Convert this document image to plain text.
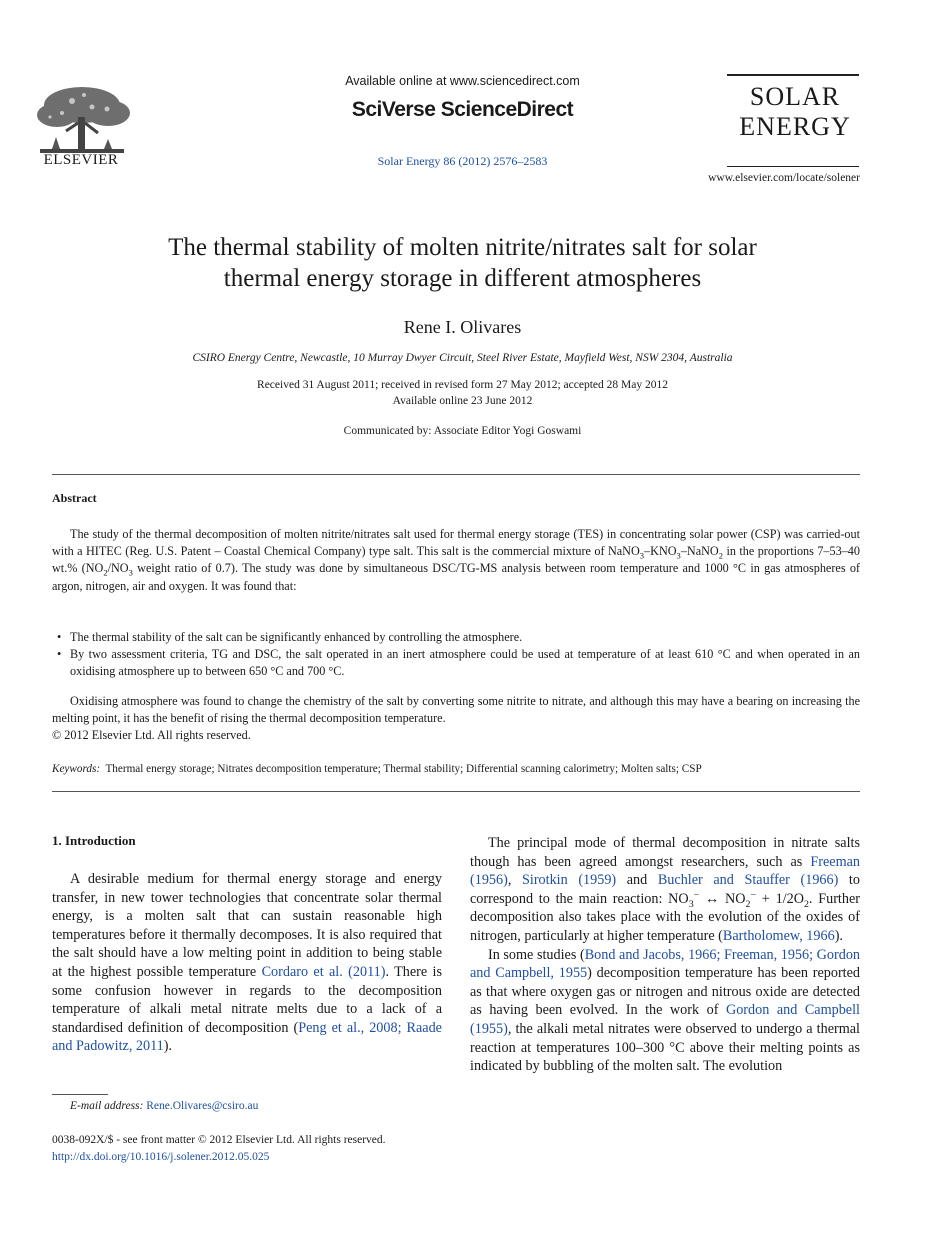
ELSEVIER
Available online at www.sciencedirect.com
SciVerse ScienceDirect
Solar Energy 86 (2012) 2576–2583
SOLAR
ENERGY
www.elsevier.com/locate/solener
The thermal stability of molten nitrite/nitrates salt for solar
thermal energy storage in different atmospheres
Rene I. Olivares
CSIRO Energy Centre, Newcastle, 10 Murray Dwyer Circuit, Steel River Estate, Mayfield West, NSW 2304, Australia
Received 31 August 2011; received in revised form 27 May 2012; accepted 28 May 2012
Available online 23 June 2012
Communicated by: Associate Editor Yogi Goswami
Abstract
The study of the thermal decomposition of molten nitrite/nitrates salt used for thermal energy storage (TES) in concentrating solar power (CSP) was carried-out with a HITEC (Reg. U.S. Patent – Coastal Chemical Company) type salt. This salt is the commercial mixture of $NaNO_3-KNO_3-NaNO_2$ in the proportions 7–53–40 wt.% ($NO_2/NO_3$ weight ratio of 0.7). The study was done by simultaneous DSC/TG-MS analysis between room temperature and 1000 °C in gas atmospheres of argon, nitrogen, air and oxygen. It was found that:
• The thermal stability of the salt can be significantly enhanced by controlling the atmosphere.
• By two assessment criteria, TG and DSC, the salt operated in an inert atmosphere could be used at temperature of at least 610 °C and when operated in an oxidising atmosphere up to between 650 °C and 700 °C.
Oxidising atmosphere was found to change the chemistry of the salt by converting some nitrite to nitrate, and although this may have a bearing on increasing the melting point, it has the benefit of rising the thermal decomposition temperature.
© 2012 Elsevier Ltd. All rights reserved.
Keywords: Thermal energy storage; Nitrates decomposition temperature; Thermal stability; Differential scanning calorimetry; Molten salts; CSP
1. Introduction
A desirable medium for thermal energy storage and energy transfer, in new tower technologies that concentrate solar thermal energy, is a molten salt that can sustain reasonable high temperatures before it thermally decomposes. It is also required that the salt should have a low melting point in addition to being stable at the highest possible temperature Cordaro et al. (2011). There is some confusion however in regards to the decomposition temperature of alkali metal nitrate melts due to a lack of a standardised definition of decomposition (Peng et al., 2008; Raade and Padowitz, 2011).
The principal mode of thermal decomposition in nitrate salts though has been agreed amongst researchers, such as Freeman (1956), Sirotkin (1959) and Buchler and Stauffer (1966) to correspond to the main reaction: $NO_3^-$ ↔ $NO_2^- + 1/2O_2$. Further decomposition also takes place with the evolution of the oxides of nitrogen, particularly at higher temperature (Bartholomew, 1966).
In some studies (Bond and Jacobs, 1966; Freeman, 1956; Gordon and Campbell, 1955) decomposition temperature has been reported as that where oxygen gas or nitrogen and nitrous oxide are detected as having been evolved. In the work of Gordon and Campbell (1955), the alkali metal nitrates were observed to undergo a thermal reaction at temperatures 100–300 °C above their melting points as indicated by bubbling of the molten salt. The evolution
E-mail address: Rene.Olivares@csiro.au
0038-092X/$ - see front matter © 2012 Elsevier Ltd. All rights reserved.
http://dx.doi.org/10.1016/j.solener.2012.05.025
